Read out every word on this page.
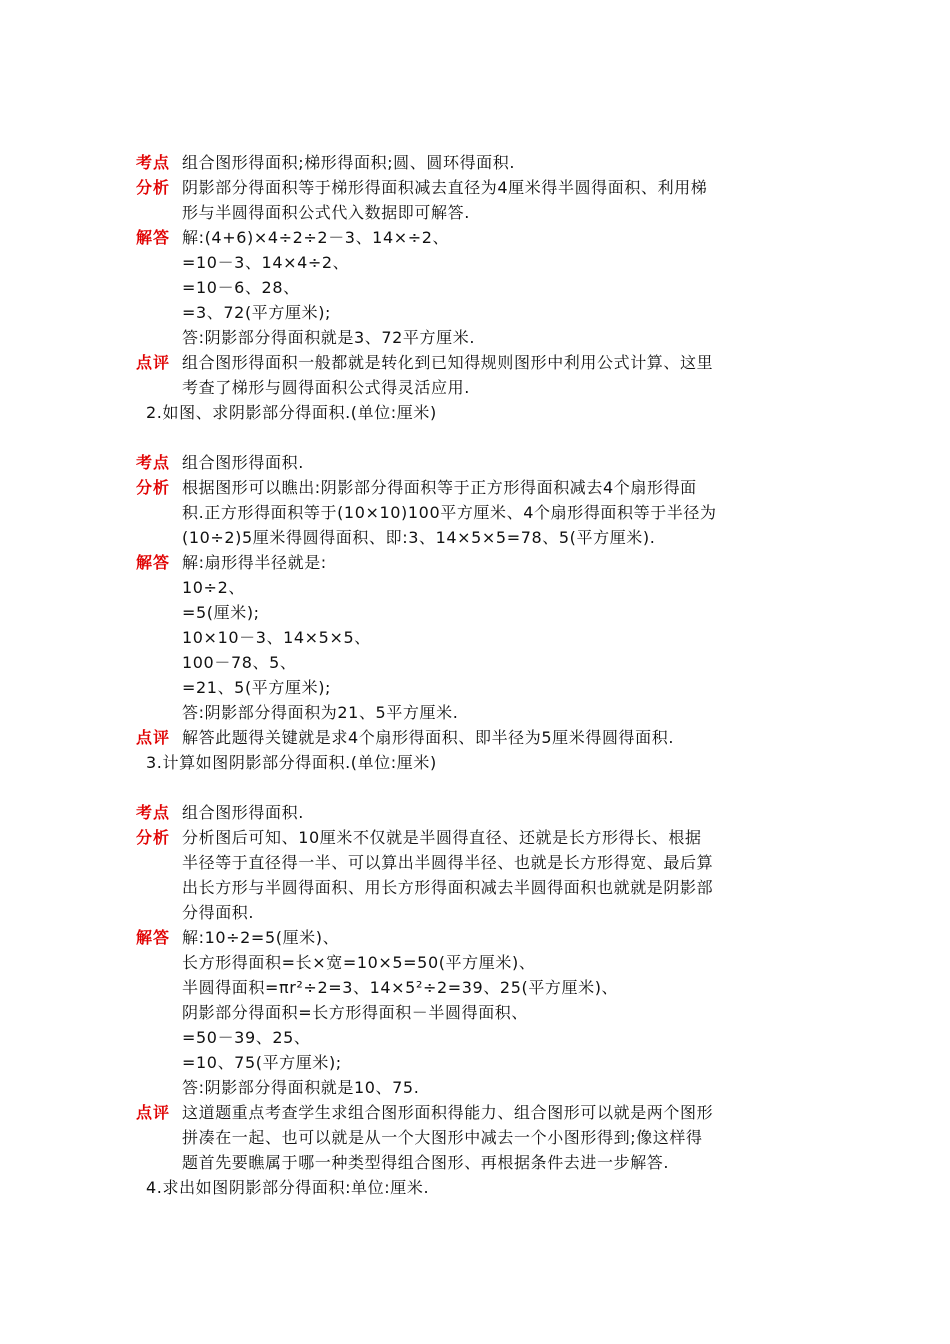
考点 组合图形得面积;梯形得面积;圆、圆环得面积.
分析 阴影部分得面积等于梯形得面积减去直径为4厘米得半圆得面积、利用梯
形与半圆得面积公式代入数据即可解答.
解答 解:(4+6)×4÷2÷2－3、14×÷2、
=10－3、14×4÷2、
=10－6、28、
=3、72(平方厘米);
答:阴影部分得面积就是3、72平方厘米.
点评 组合图形得面积一般都就是转化到已知得规则图形中利用公式计算、这里
考查了梯形与圆得面积公式得灵活应用.
2.如图、求阴影部分得面积.(单位:厘米)
考点 组合图形得面积.
分析 根据图形可以瞧出:阴影部分得面积等于正方形得面积减去4个扇形得面
积.正方形得面积等于(10×10)100平方厘米、4个扇形得面积等于半径为
(10÷2)5厘米得圆得面积、即:3、14×5×5=78、5(平方厘米).
解答 解:扇形得半径就是:
10÷2、
=5(厘米);
10×10－3、14×5×5、
100－78、5、
=21、5(平方厘米);
答:阴影部分得面积为21、5平方厘米.
点评 解答此题得关键就是求4个扇形得面积、即半径为5厘米得圆得面积.
3.计算如图阴影部分得面积.(单位:厘米)
考点 组合图形得面积.
分析 分析图后可知、10厘米不仅就是半圆得直径、还就是长方形得长、根据
半径等于直径得一半、可以算出半圆得半径、也就是长方形得宽、最后算
出长方形与半圆得面积、用长方形得面积减去半圆得面积也就就是阴影部
分得面积.
解答 解:10÷2=5(厘米)、
长方形得面积=长×宽=10×5=50(平方厘米)、
半圆得面积=πr²÷2=3、14×5²÷2=39、25(平方厘米)、
阴影部分得面积=长方形得面积－半圆得面积、
=50－39、25、
=10、75(平方厘米);
答:阴影部分得面积就是10、75.
点评 这道题重点考查学生求组合图形面积得能力、组合图形可以就是两个图形
拼凑在一起、也可以就是从一个大图形中减去一个小图形得到;像这样得
题首先要瞧属于哪一种类型得组合图形、再根据条件去进一步解答.
4.求出如图阴影部分得面积:单位:厘米.
